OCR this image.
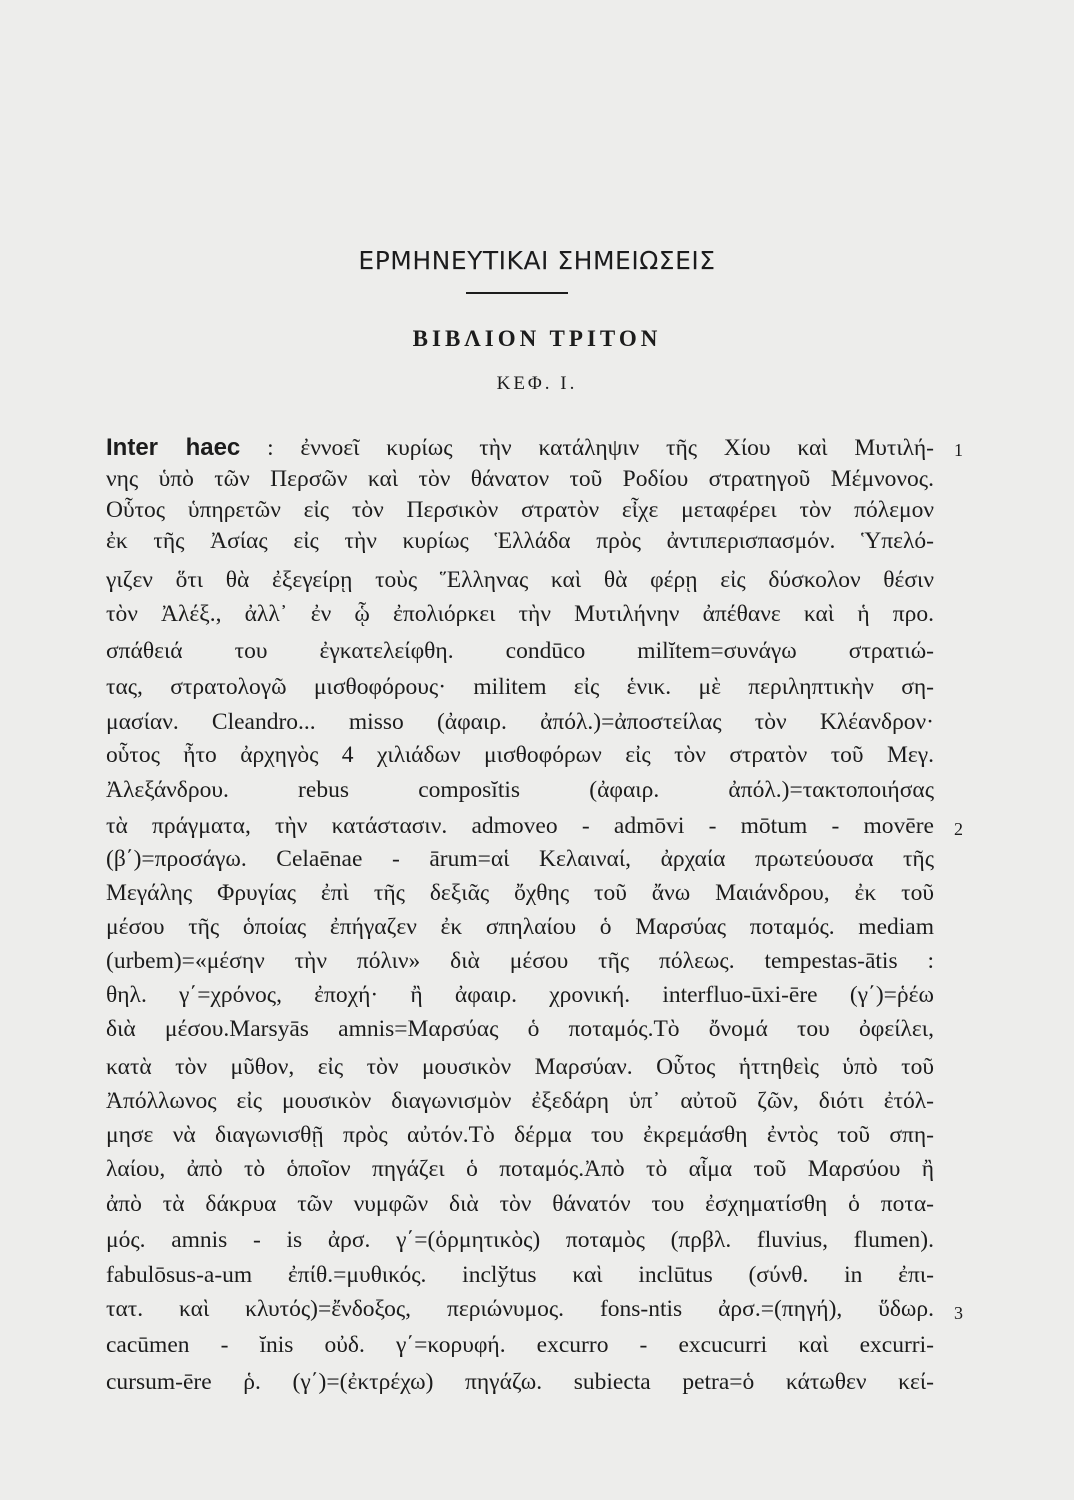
ΕΡΜΗΝΕΥΤΙΚΑΙ ΣΗΜΕΙΩΣΕΙΣ
ΒΙΒΛΙΟΝ ΤΡΙΤΟΝ
ΚΕΦ. Ι.
Inter haec : ἐννοεῖ κυρίως τὴν κατάληψιν τῆς Χίου καὶ Μυτιλή-
νης ὑπὸ τῶν Περσῶν καὶ τὸν θάνατον τοῦ Ροδίου στρατηγοῦ Μέμνονος.
Οὗτος ὑπηρετῶν εἰς τὸν Περσικὸν στρατὸν εἶχε μεταφέρει τὸν πόλεμον
ἐκ τῆς Ἀσίας εἰς τὴν κυρίως Ἑλλάδα πρὸς ἀντιπερισπασμόν. Ὑπελό-
γιζεν ὅτι θὰ ἐξεγείρῃ τοὺς Ἕλληνας καὶ θὰ φέρῃ εἰς δύσκολον θέσιν
τὸν Ἀλέξ., ἀλλ᾽ ἐν ᾧ ἐπολιόρκει τὴν Μυτιλήνην ἀπέθανε καὶ ἡ προ.
σπάθειά του ἐγκατελείφθη. condūco milĭtem=συνάγω στρατιώ-
τας, στρατολογῶ μισθοφόρους· militem εἰς ἑνικ. μὲ περιληπτικὴν ση-
μασίαν. Cleandro... misso (ἀφαιρ. ἀπόλ.)=ἀποστείλας τὸν Κλέανδρον·
οὗτος ἦτο ἀρχηγὸς 4 χιλιάδων μισθοφόρων εἰς τὸν στρατὸν τοῦ Μεγ.
Ἀλεξάνδρου. rebus composĭtis (ἀφαιρ. ἀπόλ.)=τακτοποιήσας
τὰ πράγματα, τὴν κατάστασιν. admoveo - admōvi - mōtum - movēre
(β΄)=προσάγω. Celaēnae - ārum=αἱ Κελαιναί, ἀρχαία πρωτεύουσα τῆς
Μεγάλης Φρυγίας ἐπὶ τῆς δεξιᾶς ὄχθης τοῦ ἄνω Μαιάνδρου, ἐκ τοῦ
μέσου τῆς ὁποίας ἐπήγαζεν ἐκ σπηλαίου ὁ Μαρσύας ποταμός. mediam
(urbem)=«μέσην τὴν πόλιν» διὰ μέσου τῆς πόλεως. tempestas-ātis :
θηλ. γ΄=χρόνος, ἐποχή· ἢ ἀφαιρ. χρονική. interfluo-ūxi-ēre (γ΄)=ῥέω
διὰ μέσου.Marsyās amnis=Μαρσύας ὁ ποταμός.Τὸ ὄνομά του ὀφείλει,
κατὰ τὸν μῦθον, εἰς τὸν μουσικὸν Μαρσύαν. Οὗτος ἡττηθεὶς ὑπὸ τοῦ
Ἀπόλλωνος εἰς μουσικὸν διαγωνισμὸν ἐξεδάρη ὑπ᾽ αὐτοῦ ζῶν, διότι ἐτόλ-
μησε νὰ διαγωνισθῇ πρὸς αὐτόν.Τὸ δέρμα του ἐκρεμάσθη ἐντὸς τοῦ σπη-
λαίου, ἀπὸ τὸ ὁποῖον πηγάζει ὁ ποταμός.Ἀπὸ τὸ αἷμα τοῦ Μαρσύου ἢ
ἀπὸ τὰ δάκρυα τῶν νυμφῶν διὰ τὸν θάνατόν του ἐσχηματίσθη ὁ ποτα-
μός. amnis - is ἀρσ. γ΄=(ὁρμητικὸς) ποταμὸς (πρβλ. fluvius, flumen).
fabulōsus-a-um ἐπίθ.=μυθικός. inclўtus καὶ inclūtus (σύνθ. in ἐπι-
τατ. καὶ κλυτός)=ἔνδοξος, περιώνυμος. fons-ntis ἀρσ.=(πηγή), ὕδωρ.
cacūmen - ĭnis οὐδ. γ΄=κορυφή. excurro - excucurri καὶ excurri-
cursum-ēre ῥ. (γ΄)=(ἐκτρέχω) πηγάζω. subiecta petra=ὁ κάτωθεν κεί-
1
2
3
